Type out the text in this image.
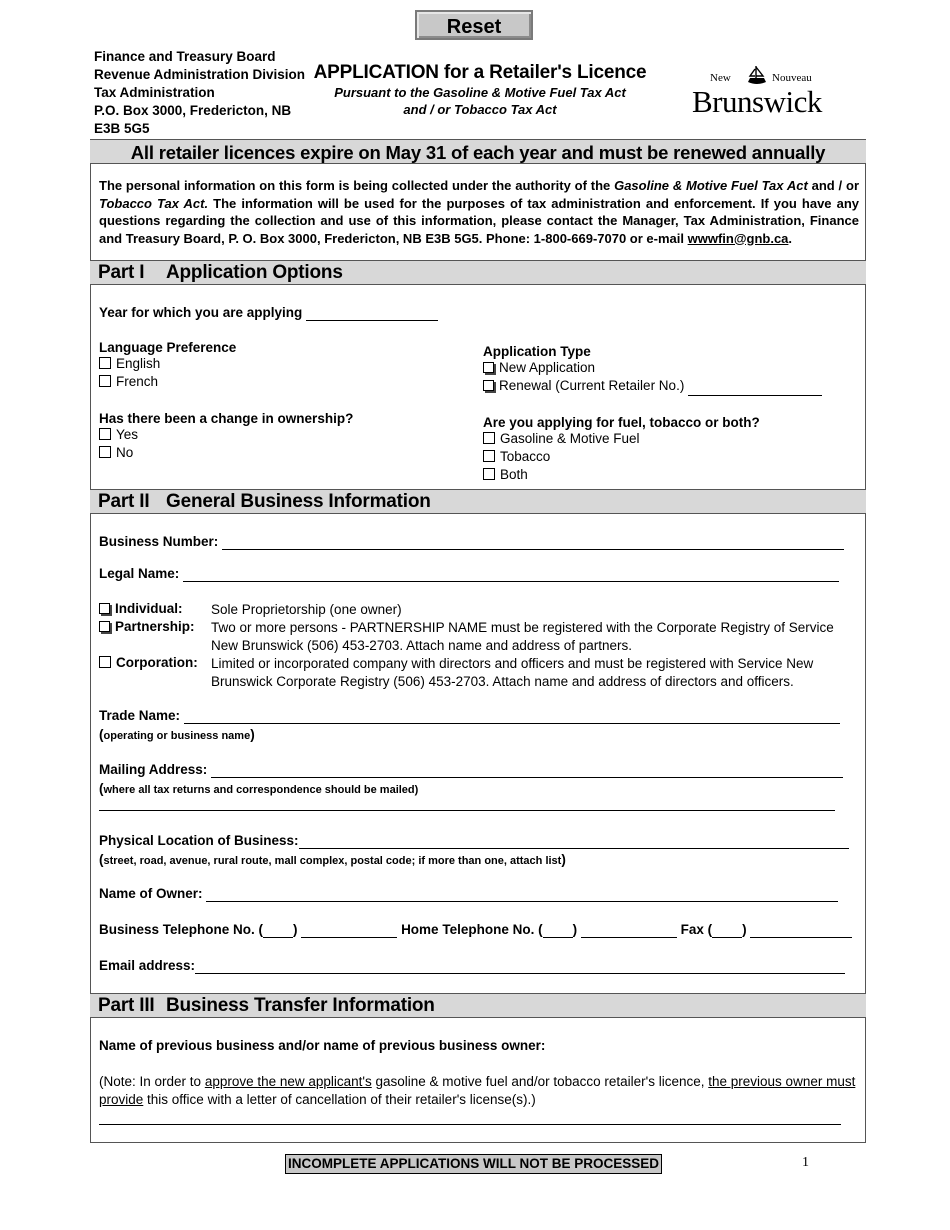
Reset
Finance and Treasury Board
Revenue Administration Division
Tax Administration
P.O. Box 3000, Fredericton, NB
E3B 5G5
APPLICATION for a Retailer's Licence
Pursuant to the Gasoline & Motive Fuel Tax Act
and / or Tobacco Tax Act
New	Nouveau
Brunswick
All retailer licences expire on May 31 of each year and must be renewed annually
The personal information on this form is being collected under the authority of the Gasoline & Motive Fuel Tax Act and / or Tobacco Tax Act. The information will be used for the purposes of tax administration and enforcement. If you have any questions regarding the collection and use of this information, please contact the Manager, Tax Administration, Finance and Treasury Board, P. O. Box 3000, Fredericton, NB E3B 5G5. Phone: 1-800-669-7070 or e-mail wwwfin@gnb.ca.
Part I Application Options
Year for which you are applying
Language Preference
English
French
Application Type
New Application
Renewal (Current Retailer No.)
Has there been a change in ownership?
Yes
No
Are you applying for fuel, tobacco or both?
Gasoline & Motive Fuel
Tobacco
Both
Part II General Business Information
Business Number:
Legal Name:
Individual: Sole Proprietorship (one owner)
Partnership: Two or more persons - PARTNERSHIP NAME must be registered with the Corporate Registry of Service
New Brunswick (506) 453-2703. Attach name and address of partners.
Corporation: Limited or incorporated company with directors and officers and must be registered with Service New
Brunswick Corporate Registry (506) 453-2703. Attach name and address of directors and officers.
Trade Name:
(operating or business name)
Mailing Address:
(where all tax returns and correspondence should be mailed)
Physical Location of Business:
(street, road, avenue, rural route, mall complex, postal code; if more than one, attach list)
Name of Owner:
Business Telephone No. ( )	Home Telephone No. ( )	Fax ( )
Email address:
Part III Business Transfer Information
Name of previous business and/or name of previous business owner:
(Note: In order to approve the new applicant's gasoline & motive fuel and/or tobacco retailer's licence, the previous owner must
provide this office with a letter of cancellation of their retailer's license(s).)
INCOMPLETE APPLICATIONS WILL NOT BE PROCESSED	1
